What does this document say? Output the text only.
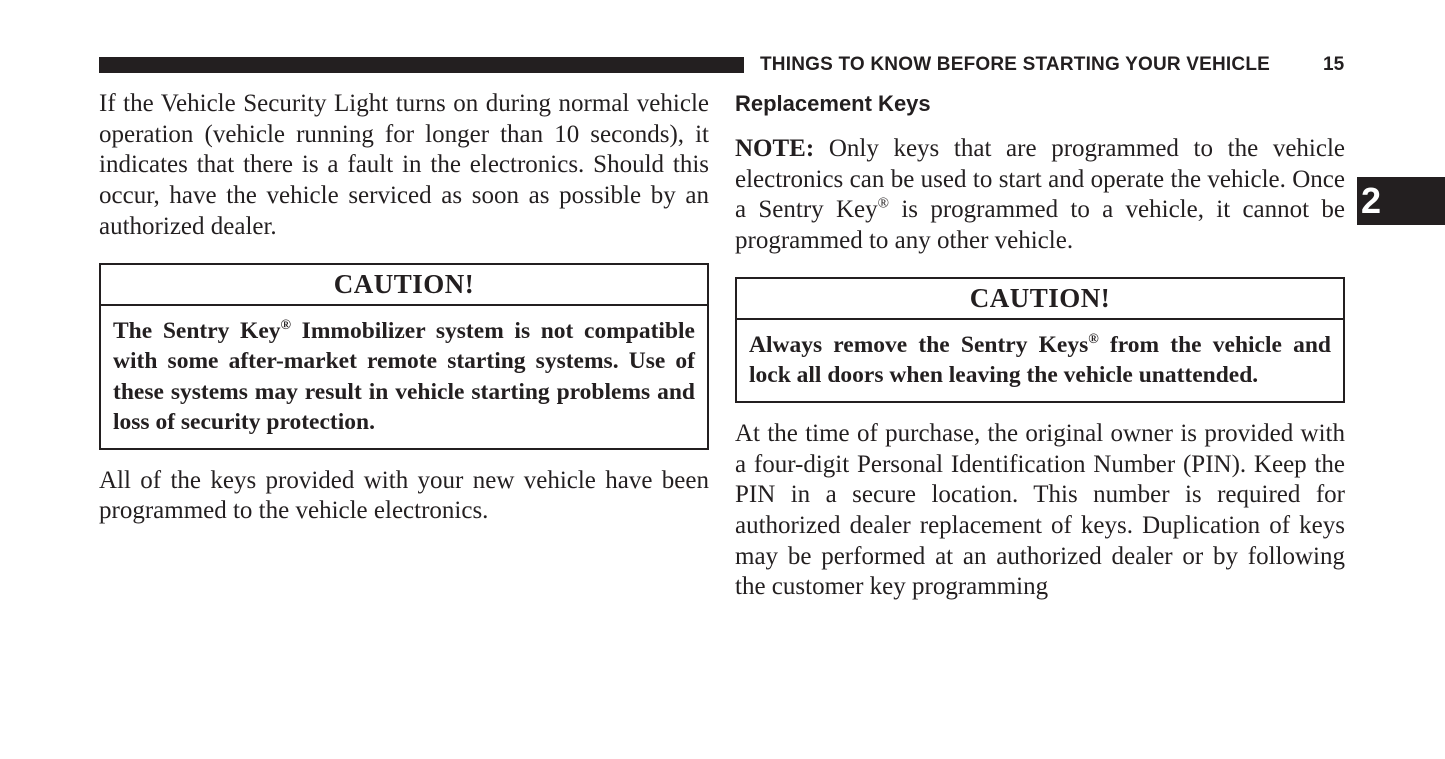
THINGS TO KNOW BEFORE STARTING YOUR VEHICLE	15
2

If the Vehicle Security Light turns on during normal vehicle operation (vehicle running for longer than 10 seconds), it indicates that there is a fault in the electronics. Should this occur, have the vehicle serviced as soon as possible by an authorized dealer.

CAUTION!
The Sentry Key® Immobilizer system is not compatible with some after-market remote starting systems. Use of these systems may result in vehicle starting problems and loss of security protection.

All of the keys provided with your new vehicle have been programmed to the vehicle electronics.

Replacement Keys

NOTE: Only keys that are programmed to the vehicle electronics can be used to start and operate the vehicle. Once a Sentry Key® is programmed to a vehicle, it cannot be programmed to any other vehicle.

CAUTION!
Always remove the Sentry Keys® from the vehicle and lock all doors when leaving the vehicle unattended.

At the time of purchase, the original owner is provided with a four-digit Personal Identification Number (PIN). Keep the PIN in a secure location. This number is required for authorized dealer replacement of keys. Duplication of keys may be performed at an authorized dealer or by following the customer key programming
